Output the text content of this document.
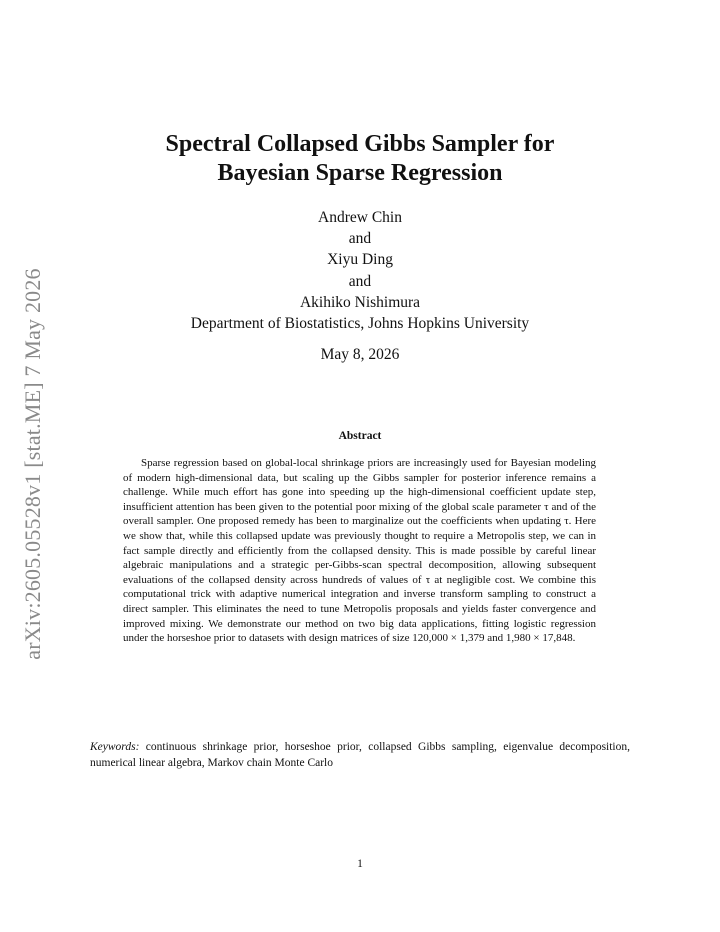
arXiv:2605.05528v1 [stat.ME] 7 May 2026
Spectral Collapsed Gibbs Sampler for
Bayesian Sparse Regression
Andrew Chin
and
Xiyu Ding
and
Akihiko Nishimura
Department of Biostatistics, Johns Hopkins University
May 8, 2026
Abstract
Sparse regression based on global-local shrinkage priors are increasingly used for Bayesian modeling of modern high-dimensional data, but scaling up the Gibbs sampler for posterior inference remains a challenge. While much effort has gone into speeding up the high-dimensional coefficient update step, insufficient attention has been given to the potential poor mixing of the global scale parameter τ and of the overall sampler. One proposed remedy has been to marginalize out the coefficients when updating τ. Here we show that, while this collapsed update was previously thought to require a Metropolis step, we can in fact sample directly and efficiently from the collapsed density. This is made possible by careful linear algebraic manipulations and a strategic per-Gibbs-scan spectral decomposition, allowing subsequent evaluations of the collapsed density across hundreds of values of τ at negligible cost. We combine this computational trick with adaptive numerical integration and inverse transform sampling to construct a direct sampler. This eliminates the need to tune Metropolis proposals and yields faster convergence and improved mixing. We demonstrate our method on two big data applications, fitting logistic regression under the horseshoe prior to datasets with design matrices of size 120,000 × 1,379 and 1,980 × 17,848.
Keywords: continuous shrinkage prior, horseshoe prior, collapsed Gibbs sampling, eigenvalue decomposition, numerical linear algebra, Markov chain Monte Carlo
1
